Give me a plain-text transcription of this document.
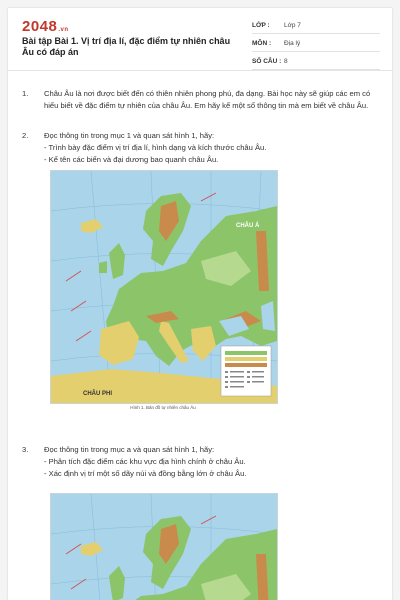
2048.vn
Bài tập Bài 1. Vị trí địa lí, đặc điểm tự nhiên châu Âu có đáp án
LỚP :	Lớp 7
MÔN :	Địa lý
SỐ CÂU : 8
1.	Châu Âu là nơi được biết đến có thiên nhiên phong phú, đa dạng. Bài học này sẽ giúp các em có hiểu biết về đặc điểm tự nhiên của châu Âu. Em hãy kể một số thông tin mà em biết về châu Âu.
2.	Đọc thông tin trong mục 1 và quan sát hình 1, hãy:
- Trình bày đặc điểm vị trí địa lí, hình dạng và kích thước châu Âu.
- Kể tên các biển và đại dương bao quanh châu Âu.
CHÂU Á
CHÂU PHI
Hình 1. Bản đồ tự nhiên châu Âu
3.	Đọc thông tin trong mục a và quan sát hình 1, hãy:
- Phân tích đặc điểm các khu vực địa hình chính ở châu Âu.
- Xác định vị trí một số dãy núi và đồng bằng lớn ở châu Âu.
